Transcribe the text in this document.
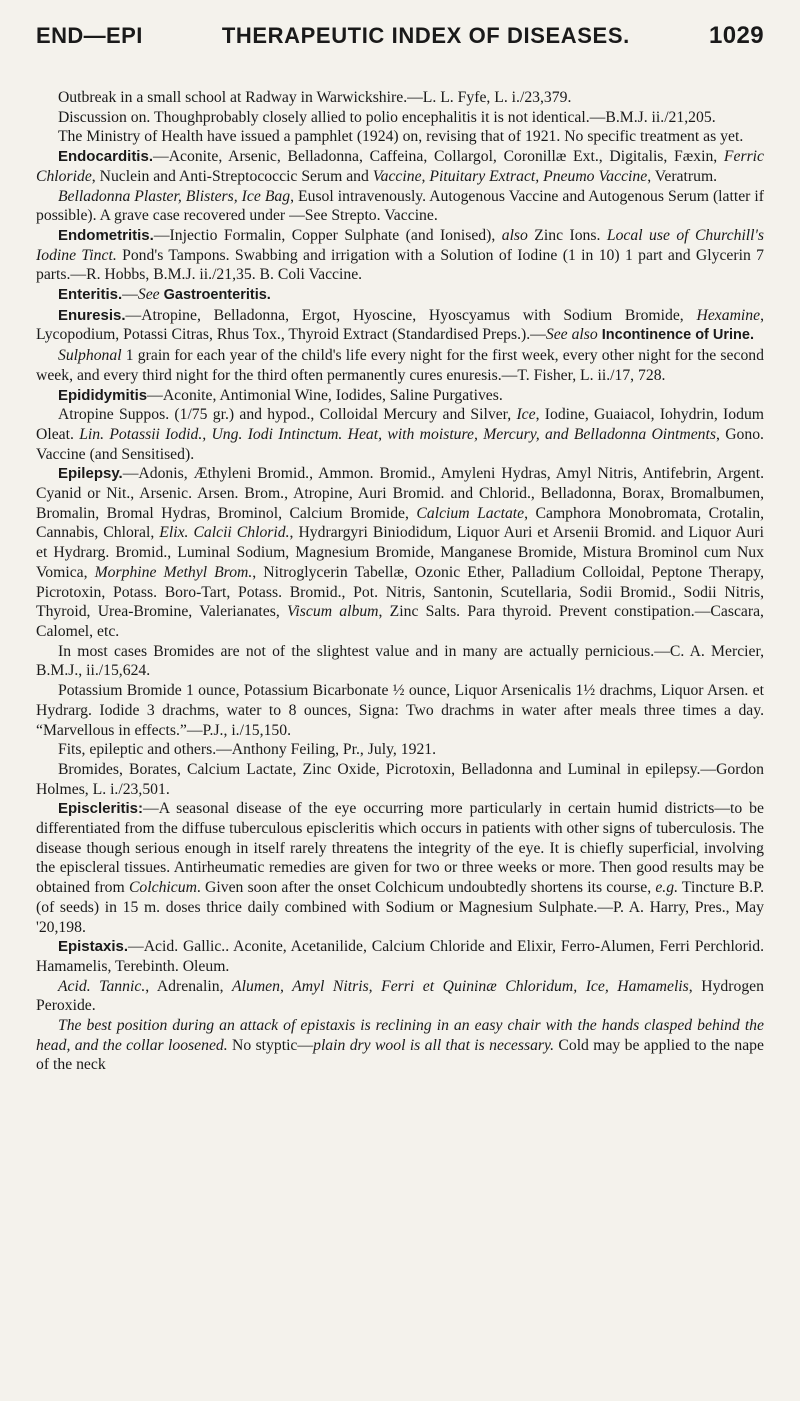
END—EPI	THERAPEUTIC INDEX OF DISEASES.	1029

Outbreak in a small school at Radway in Warwickshire.—L. L. Fyfe, L. i./23,379.

Discussion on. Thoughprobably closely allied to polio encephalitis it is not identical.—B.M.J. ii./21,205.

The Ministry of Health have issued a pamphlet (1924) on, revising that of 1921. No specific treatment as yet.

Endocarditis.—Aconite, Arsenic, Belladonna, Caffeina, Collargol, Coronillæ Ext., Digitalis, Fæxin, Ferric Chloride, Nuclein and Anti-Streptococcic Serum and Vaccine, Pituitary Extract, Pneumo Vaccine, Veratrum.

Belladonna Plaster, Blisters, Ice Bag, Eusol intravenously. Autogenous Vaccine and Autogenous Serum (latter if possible). A grave case recovered under —See Strepto. Vaccine.

Endometritis.—Injectio Formalin, Copper Sulphate (and Ionised), also Zinc Ions. Local use of Churchill's Iodine Tinct. Pond's Tampons. Swabbing and irrigation with a Solution of Iodine (1 in 10) 1 part and Glycerin 7 parts.—R. Hobbs, B.M.J. ii./21,35. B. Coli Vaccine.

Enteritis.—See Gastroenteritis.

Enuresis.—Atropine, Belladonna, Ergot, Hyoscine, Hyoscyamus with Sodium Bromide, Hexamine, Lycopodium, Potassi Citras, Rhus Tox., Thyroid Extract (Standardised Preps.).—See also Incontinence of Urine.

Sulphonal 1 grain for each year of the child's life every night for the first week, every other night for the second week, and every third night for the third often permanently cures enuresis.—T. Fisher, L. ii./17, 728.

Epididymitis—Aconite, Antimonial Wine, Iodides, Saline Purgatives.

Atropine Suppos. (1/75 gr.) and hypod., Colloidal Mercury and Silver, Ice, Iodine, Guaiacol, Iohydrin, Iodum Oleat. Lin. Potassii Iodid., Ung. Iodi Intinctum. Heat, with moisture, Mercury, and Belladonna Ointments, Gono. Vaccine (and Sensitised).

Epilepsy.—Adonis, Æthyleni Bromid., Ammon. Bromid., Amyleni Hydras, Amyl Nitris, Antifebrin, Argent. Cyanid or Nit., Arsenic. Arsen. Brom., Atropine, Auri Bromid. and Chlorid., Belladonna, Borax, Bromalbumen, Bromalin, Bromal Hydras, Brominol, Calcium Bromide, Calcium Lactate, Camphora Monobromata, Crotalin, Cannabis, Chloral, Elix. Calcii Chlorid., Hydrargyri Biniodidum, Liquor Auri et Arsenii Bromid. and Liquor Auri et Hydrarg. Bromid., Luminal Sodium, Magnesium Bromide, Manganese Bromide, Mistura Brominol cum Nux Vomica, Morphine Methyl Brom., Nitroglycerin Tabellæ, Ozonic Ether, Palladium Colloidal, Peptone Therapy, Picrotoxin, Potass. Boro-Tart, Potass. Bromid., Pot. Nitris, Santonin, Scutellaria, Sodii Bromid., Sodii Nitris, Thyroid, Urea-Bromine, Valerianates, Viscum album, Zinc Salts. Para thyroid. Prevent constipation.—Cascara, Calomel, etc.

In most cases Bromides are not of the slightest value and in many are actually pernicious.—C. A. Mercier, B.M.J., ii./15,624.

Potassium Bromide 1 ounce, Potassium Bicarbonate ½ ounce, Liquor Arsenicalis 1½ drachms, Liquor Arsen. et Hydrarg. Iodide 3 drachms, water to 8 ounces, Signa: Two drachms in water after meals three times a day. “Marvellous in effects.”—P.J., i./15,150.

Fits, epileptic and others.—Anthony Feiling, Pr., July, 1921.

Bromides, Borates, Calcium Lactate, Zinc Oxide, Picrotoxin, Belladonna and Luminal in epilepsy.—Gordon Holmes, L. i./23,501.

Episcleritis:—A seasonal disease of the eye occurring more particularly in certain humid districts—to be differentiated from the diffuse tuberculous episcleritis which occurs in patients with other signs of tuberculosis. The disease though serious enough in itself rarely threatens the integrity of the eye. It is chiefly superficial, involving the episcleral tissues. Antirheumatic remedies are given for two or three weeks or more. Then good results may be obtained from Colchicum. Given soon after the onset Colchicum undoubtedly shortens its course, e.g. Tincture B.P. (of seeds) in 15 m. doses thrice daily combined with Sodium or Magnesium Sulphate.—P. A. Harry, Pres., May '20,198.

Epistaxis.—Acid. Gallic.. Aconite, Acetanilide, Calcium Chloride and Elixir, Ferro-Alumen, Ferri Perchlorid. Hamamelis, Terebinth. Oleum.

Acid. Tannic., Adrenalin, Alumen, Amyl Nitris, Ferri et Quininæ Chloridum, Ice, Hamamelis, Hydrogen Peroxide.

The best position during an attack of epistaxis is reclining in an easy chair with the hands clasped behind the head, and the collar loosened. No styptic—plain dry wool is all that is necessary. Cold may be applied to the nape of the neck
